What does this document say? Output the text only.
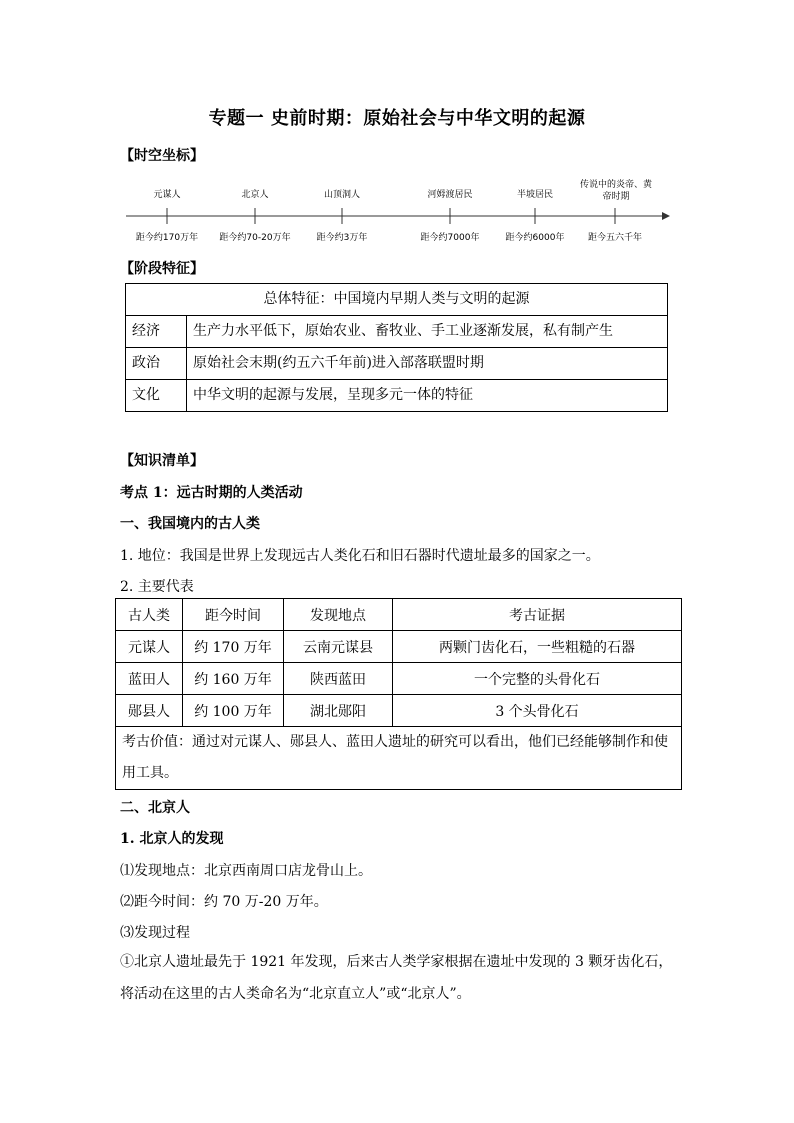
专题一 史前时期：原始社会与中华文明的起源
【时空坐标】
元谋人	北京人	山顶洞人	河姆渡居民	半坡居民
传说中的炎帝、黄帝时期
距今约170万年	距今约70-20万年	距今约3万年	距今约7000年	距今约6000年	距今五六千年
【阶段特征】
总体特征：中国境内早期人类与文明的起源	
经济	生产力水平低下，原始农业、畜牧业、手工业逐渐发展，私有制产生
政治	原始社会末期(约五六千年前)进入部落联盟时期
文化	中华文明的起源与发展，呈现多元一体的特征
【知识清单】
考点 1：远古时期的人类活动
一、我国境内的古人类
1. 地位：我国是世界上发现远古人类化石和旧石器时代遗址最多的国家之一。
2. 主要代表
古人类	距今时间	发现地点	考古证据
元谋人	约 170 万年	云南元谋县	两颗门齿化石，一些粗糙的石器
蓝田人	约 160 万年	陕西蓝田	一个完整的头骨化石
郧县人	约 100 万年	湖北郧阳	3 个头骨化石
考古价值：通过对元谋人、郧县人、蓝田人遗址的研究可以看出，他们已经能够制作和使用工具。			
二、北京人
1. 北京人的发现
⑴发现地点：北京西南周口店龙骨山上。
⑵距今时间：约 70 万-20 万年。
⑶发现过程
①北京人遗址最先于 1921 年发现，后来古人类学家根据在遗址中发现的 3 颗牙齿化石，将活动在这里的古人类命名为“北京直立人”或“北京人”。
